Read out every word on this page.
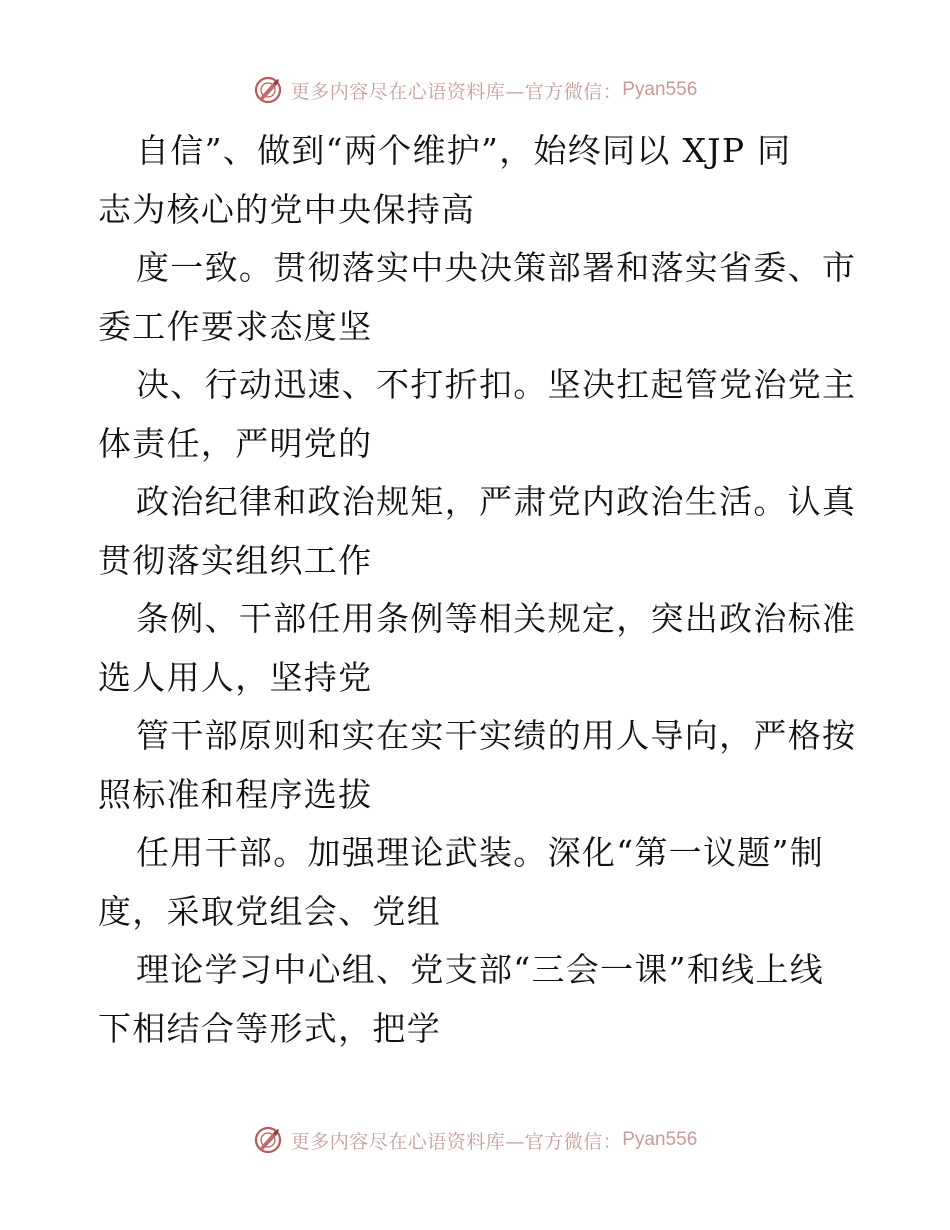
更多内容尽在心语资料库—官方微信： Pyan556
自信”、做到“两个维护”，始终同以 XJP 同
志为核心的党中央保持高
度一致。贯彻落实中央决策部署和落实省委、市
委工作要求态度坚
决、行动迅速、不打折扣。坚决扛起管党治党主
体责任，严明党的
政治纪律和政治规矩，严肃党内政治生活。认真
贯彻落实组织工作
条例、干部任用条例等相关规定，突出政治标准
选人用人，坚持党
管干部原则和实在实干实绩的用人导向，严格按
照标准和程序选拔
任用干部。加强理论武装。深化“第一议题”制
度，采取党组会、党组
理论学习中心组、党支部“三会一课”和线上线
下相结合等形式，把学
更多内容尽在心语资料库—官方微信： Pyan556
